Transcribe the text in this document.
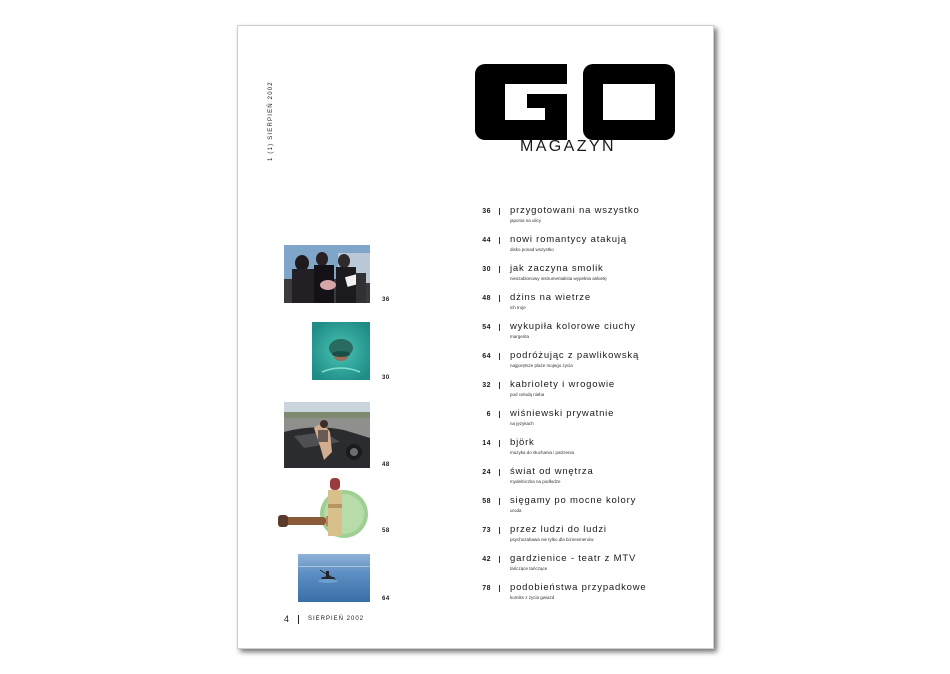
1 (1) SIERPIEŃ 2002	MAGAZYN
36 przygotowani na wszystko
japonia na ulicy
44 nowi romantycy atakują
disko ponad wszystko
30 jak zaczyna smolik
nieszablonowy instrumentalista wypełnia ankietę
48 dżins na wietrze
ich troje
54 wykupiła kolorowe ciuchy
margerita
64 podróżując z pawlikowską
najgorętsze plaże mojego życia
32 kabriolety i wrogowie
pod celodą nieba
6 wiśniewski prywatnie
na językach
14 björk
muzyka do słuchania i patrzenia
24 świat od wnętrza
mydelniczka na podłodze
58 sięgamy po mocne kolory
uroda
73 przez ludzi do ludzi
psychozabawa nie tylko dla biznesmenów
42 gardzienice - teatr z MTV
tańczące tańczące
78 podobieństwa przypadkowe
komiks z życia gwiazd
36
30
48
58
64
4	SIERPIEŃ 2002
